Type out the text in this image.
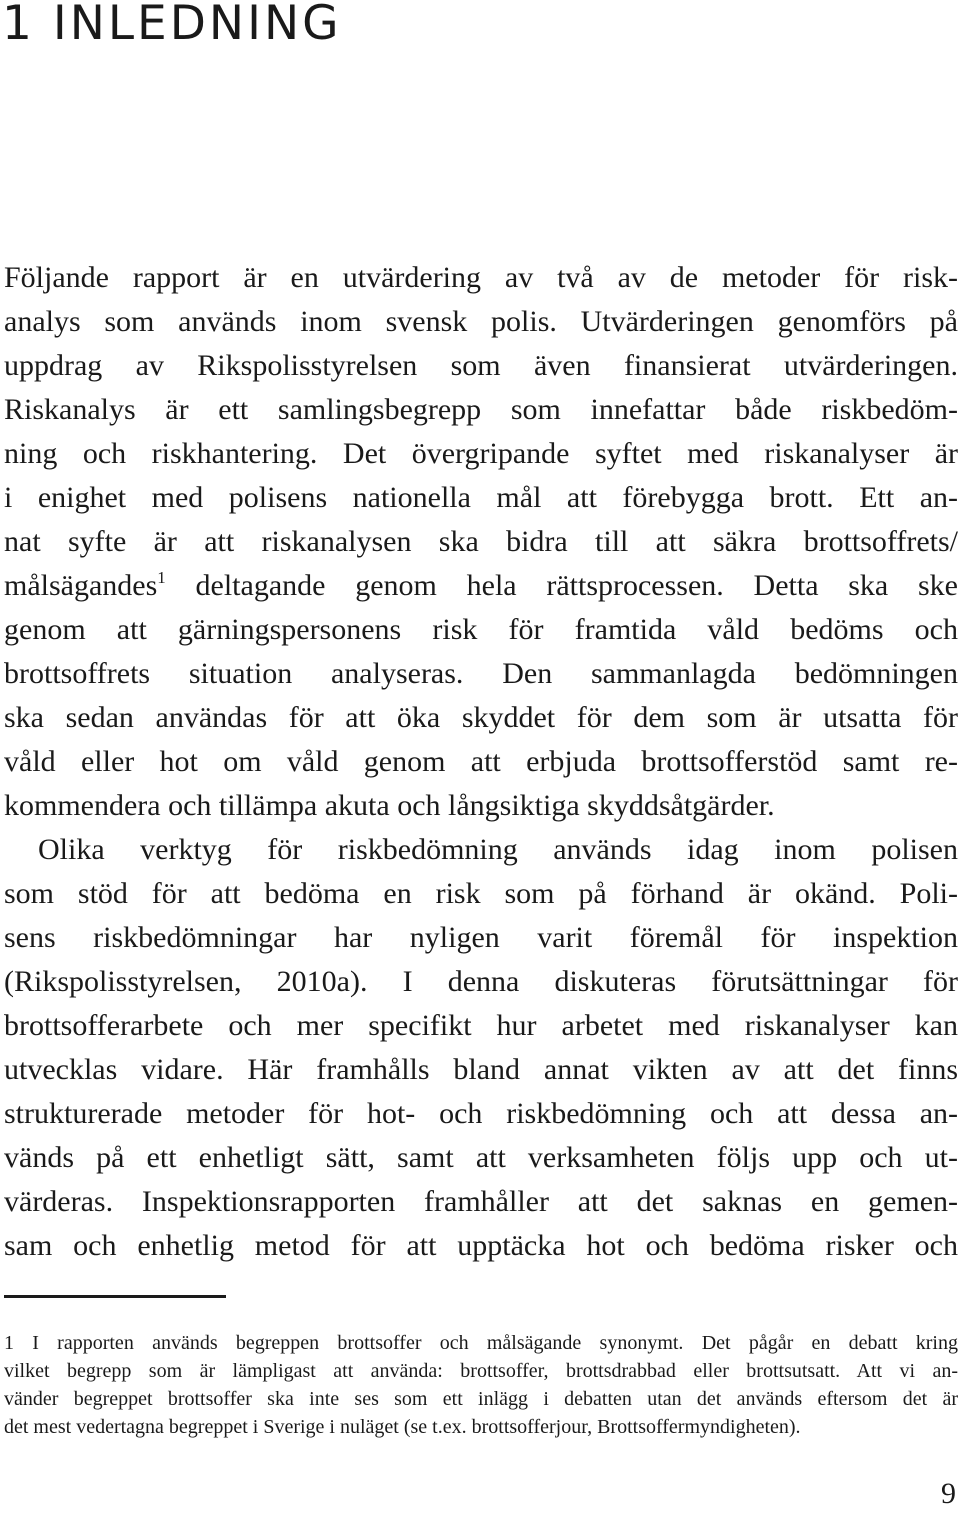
1 INLEDNING
Följande rapport är en utvärdering av två av de metoder för risk-
analys som används inom svensk polis. Utvärderingen genomförs på
uppdrag av Rikspolisstyrelsen som även finansierat utvärderingen.
Riskanalys är ett samlingsbegrepp som innefattar både riskbedöm-
ning och riskhantering. Det övergripande syftet med riskanalyser är
i enighet med polisens nationella mål att förebygga brott. Ett an-
nat syfte är att riskanalysen ska bidra till att säkra brottsoffrets/
målsägandes$^1$ deltagande genom hela rättsprocessen. Detta ska ske
genom att gärningspersonens risk för framtida våld bedöms och
brottsoffrets situation analyseras. Den sammanlagda bedömningen
ska sedan användas för att öka skyddet för dem som är utsatta för
våld eller hot om våld genom att erbjuda brottsofferstöd samt re-
kommendera och tillämpa akuta och långsiktiga skyddsåtgärder.
Olika verktyg för riskbedömning används idag inom polisen
som stöd för att bedöma en risk som på förhand är okänd. Poli-
sens riskbedömningar har nyligen varit föremål för inspektion
(Rikspolisstyrelsen, 2010a). I denna diskuteras förutsättningar för
brottsofferarbete och mer specifikt hur arbetet med riskanalyser kan
utvecklas vidare. Här framhålls bland annat vikten av att det finns
strukturerade metoder för hot- och riskbedömning och att dessa an-
vänds på ett enhetligt sätt, samt att verksamheten följs upp och ut-
värderas. Inspektionsrapporten framhåller att det saknas en gemen-
sam och enhetlig metod för att upptäcka hot och bedöma risker och
1 I rapporten används begreppen brottsoffer och målsägande synonymt. Det pågår en debatt kring
vilket begrepp som är lämpligast att använda: brottsoffer, brottsdrabbad eller brottsutsatt. Att vi an-
vänder begreppet brottsoffer ska inte ses som ett inlägg i debatten utan det används eftersom det är
det mest vedertagna begreppet i Sverige i nuläget (se t.ex. brottsofferjour, Brottsoffermyndigheten).
9
